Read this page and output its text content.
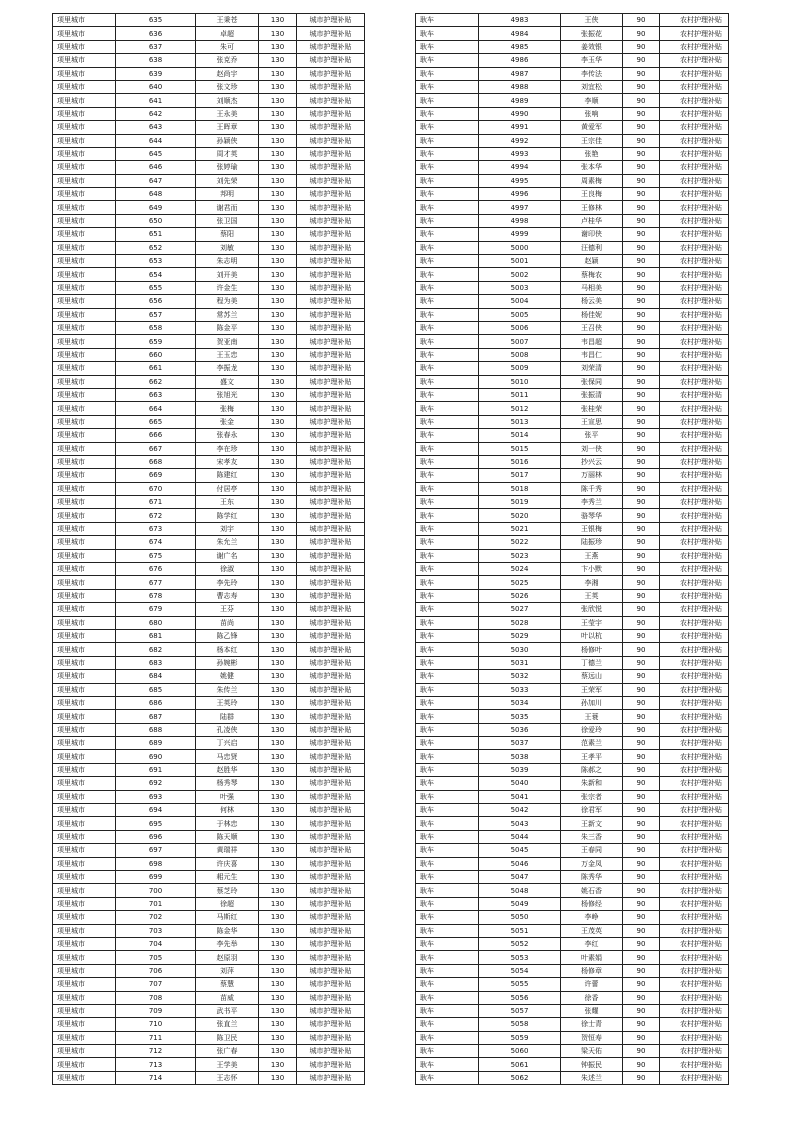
项里城市	635	王秉苍	130	城市护理补贴
项里城市	636	卓超	130	城市护理补贴
项里城市	637	朱可	130	城市护理补贴
项里城市	638	张克乔	130	城市护理补贴
项里城市	639	赵尚宇	130	城市护理补贴
项里城市	640	张文珍	130	城市护理补贴
项里城市	641	刘顺杰	130	城市护理补贴
项里城市	642	王永美	130	城市护理补贴
项里城市	643	王晖章	130	城市护理补贴
项里城市	644	孙颖侠	130	城市护理补贴
项里城市	645	周才英	130	城市护理补贴
项里城市	646	张婷瑜	130	城市护理补贴
项里城市	647	刘先荣	130	城市护理补贴
项里城市	648	邦明	130	城市护理补贴
项里城市	649	谢君而	130	城市护理补贴
项里城市	650	张卫国	130	城市护理补贴
项里城市	651	蔡阳	130	城市护理补贴
项里城市	652	刘敏	130	城市护理补贴
项里城市	653	朱志明	130	城市护理补贴
项里城市	654	刘开美	130	城市护理补贴
项里城市	655	许金生	130	城市护理补贴
项里城市	656	程为美	130	城市护理补贴
项里城市	657	常苏兰	130	城市护理补贴
项里城市	658	陈金平	130	城市护理补贴
项里城市	659	贺亚南	130	城市护理补贴
项里城市	660	王玉忠	130	城市护理补贴
项里城市	661	李振龙	130	城市护理补贴
项里城市	662	盛文	130	城市护理补贴
项里城市	663	张旭光	130	城市护理补贴
项里城市	664	张梅	130	城市护理补贴
项里城市	665	张金	130	城市护理补贴
项里城市	666	张春永	130	城市护理补贴
项里城市	667	李在珍	130	城市护理补贴
项里城市	668	宋孝友	130	城市护理补贴
项里城市	669	陈建红	130	城市护理补贴
项里城市	670	付居亭	130	城市护理补贴
项里城市	671	王东	130	城市护理补贴
项里城市	672	陈学红	130	城市护理补贴
项里城市	673	刘宇	130	城市护理补贴
项里城市	674	朱允兰	130	城市护理补贴
项里城市	675	谢广名	130	城市护理补贴
项里城市	676	徐淑	130	城市护理补贴
项里城市	677	李先玲	130	城市护理补贴
项里城市	678	曹志寿	130	城市护理补贴
项里城市	679	王芬	130	城市护理补贴
项里城市	680	苗尚	130	城市护理补贴
项里城市	681	陈乙锋	130	城市护理补贴
项里城市	682	杨本红	130	城市护理补贴
项里城市	683	孙婉彬	130	城市护理补贴
项里城市	684	姚健	130	城市护理补贴
项里城市	685	朱传兰	130	城市护理补贴
项里城市	686	王英玲	130	城市护理补贴
项里城市	687	陆群	130	城市护理补贴
项里城市	688	孔凌侠	130	城市护理补贴
项里城市	689	丁兴启	130	城市护理补贴
项里城市	690	马忠贤	130	城市护理补贴
项里城市	691	赵胜华	130	城市护理补贴
项里城市	692	杨秀琴	130	城市护理补贴
项里城市	693	叶强	130	城市护理补贴
项里城市	694	何林	130	城市护理补贴
项里城市	695	于林忠	130	城市护理补贴
项里城市	696	陈天顺	130	城市护理补贴
项里城市	697	黄瑞祥	130	城市护理补贴
项里城市	698	许庆喜	130	城市护理补贴
项里城市	699	耜元生	130	城市护理补贴
项里城市	700	蔡芝玲	130	城市护理补贴
项里城市	701	徐超	130	城市护理补贴
项里城市	702	马斯红	130	城市护理补贴
项里城市	703	陈金华	130	城市护理补贴
项里城市	704	李先举	130	城市护理补贴
项里城市	705	赵原羽	130	城市护理补贴
项里城市	706	刘萍	130	城市护理补贴
项里城市	707	蔡慧	130	城市护理补贴
项里城市	708	苗威	130	城市护理补贴
项里城市	709	武书平	130	城市护理补贴
项里城市	710	张直兰	130	城市护理补贴
项里城市	711	陈卫民	130	城市护理补贴
项里城市	712	张广春	130	城市护理补贴
项里城市	713	王学美	130	城市护理补贴
项里城市	714	王志怀	130	城市护理补贴
耿车	4983	王侠	90	农村护理补贴
耿车	4984	张振花	90	农村护理补贴
耿车	4985	姜效银	90	农村护理补贴
耿车	4986	李玉华	90	农村护理补贴
耿车	4987	李传法	90	农村护理补贴
耿车	4988	刘宜松	90	农村护理补贴
耿车	4989	李顺	90	农村护理补贴
耿车	4990	张响	90	农村护理补贴
耿车	4991	黄爱军	90	农村护理补贴
耿车	4992	王宗佳	90	农村护理补贴
耿车	4993	张艳	90	农村护理补贴
耿车	4994	张本华	90	农村护理补贴
耿车	4995	周素梅	90	农村护理补贴
耿车	4996	王良梅	90	农村护理补贴
耿车	4997	王修林	90	农村护理补贴
耿车	4998	卢桂华	90	农村护理补贴
耿车	4999	谢印侠	90	农村护理补贴
耿车	5000	汪德利	90	农村护理补贴
耿车	5001	赵颖	90	农村护理补贴
耿车	5002	蔡梅农	90	农村护理补贴
耿车	5003	马相美	90	农村护理补贴
耿车	5004	杨云美	90	农村护理补贴
耿车	5005	杨佳妮	90	农村护理补贴
耿车	5006	王召侠	90	农村护理补贴
耿车	5007	韦昌超	90	农村护理补贴
耿车	5008	韦昌仁	90	农村护理补贴
耿车	5009	刘荣清	90	农村护理补贴
耿车	5010	张保同	90	农村护理补贴
耿车	5011	张振清	90	农村护理补贴
耿车	5012	张桂荣	90	农村护理补贴
耿车	5013	王宣思	90	农村护理补贴
耿车	5014	张平	90	农村护理补贴
耿车	5015	刘一侠	90	农村护理补贴
耿车	5016	抄兴云	90	农村护理补贴
耿车	5017	万丽林	90	农村护理补贴
耿车	5018	陈千秀	90	农村护理补贴
耿车	5019	李秀兰	90	农村护理补贴
耿车	5020	骆琴华	90	农村护理补贴
耿车	5021	王银梅	90	农村护理补贴
耿车	5022	陆振珍	90	农村护理补贴
耿车	5023	王燕	90	农村护理补贴
耿车	5024	卞小默	90	农村护理补贴
耿车	5025	李湘	90	农村护理补贴
耿车	5026	王英	90	农村护理补贴
耿车	5027	张欣悦	90	农村护理补贴
耿车	5028	王莹宇	90	农村护理补贴
耿车	5029	叶以杭	90	农村护理补贴
耿车	5030	杨修叶	90	农村护理补贴
耿车	5031	丁德兰	90	农村护理补贴
耿车	5032	蔡远山	90	农村护理补贴
耿车	5033	王荣军	90	农村护理补贴
耿车	5034	孙加川	90	农村护理补贴
耿车	5035	王蓑	90	农村护理补贴
耿车	5036	徐爱玲	90	农村护理补贴
耿车	5037	范素兰	90	农村护理补贴
耿车	5038	王孝平	90	农村护理补贴
耿车	5039	陈郝之	90	农村护理补贴
耿车	5040	朱新和	90	农村护理补贴
耿车	5041	张宗者	90	农村护理补贴
耿车	5042	徐君军	90	农村护理补贴
耿车	5043	王新文	90	农村护理补贴
耿车	5044	朱三香	90	农村护理补贴
耿车	5045	王春同	90	农村护理补贴
耿车	5046	万金凤	90	农村护理补贴
耿车	5047	陈秀华	90	农村护理补贴
耿车	5048	姚石香	90	农村护理补贴
耿车	5049	杨修经	90	农村护理补贴
耿车	5050	李峥	90	农村护理补贴
耿车	5051	王茂英	90	农村护理补贴
耿车	5052	李红	90	农村护理补贴
耿车	5053	叶素娟	90	农村护理补贴
耿车	5054	杨修章	90	农村护理补贴
耿车	5055	许蕾	90	农村护理补贴
耿车	5056	徐香	90	农村护理补贴
耿车	5057	张耀	90	农村护理补贴
耿车	5058	徐士青	90	农村护理补贴
耿车	5059	贺恒寿	90	农村护理补贴
耿车	5060	梁天佑	90	农村护理补贴
耿车	5061	钟振民	90	农村护理补贴
耿车	5062	朱述兰	90	农村护理补贴
